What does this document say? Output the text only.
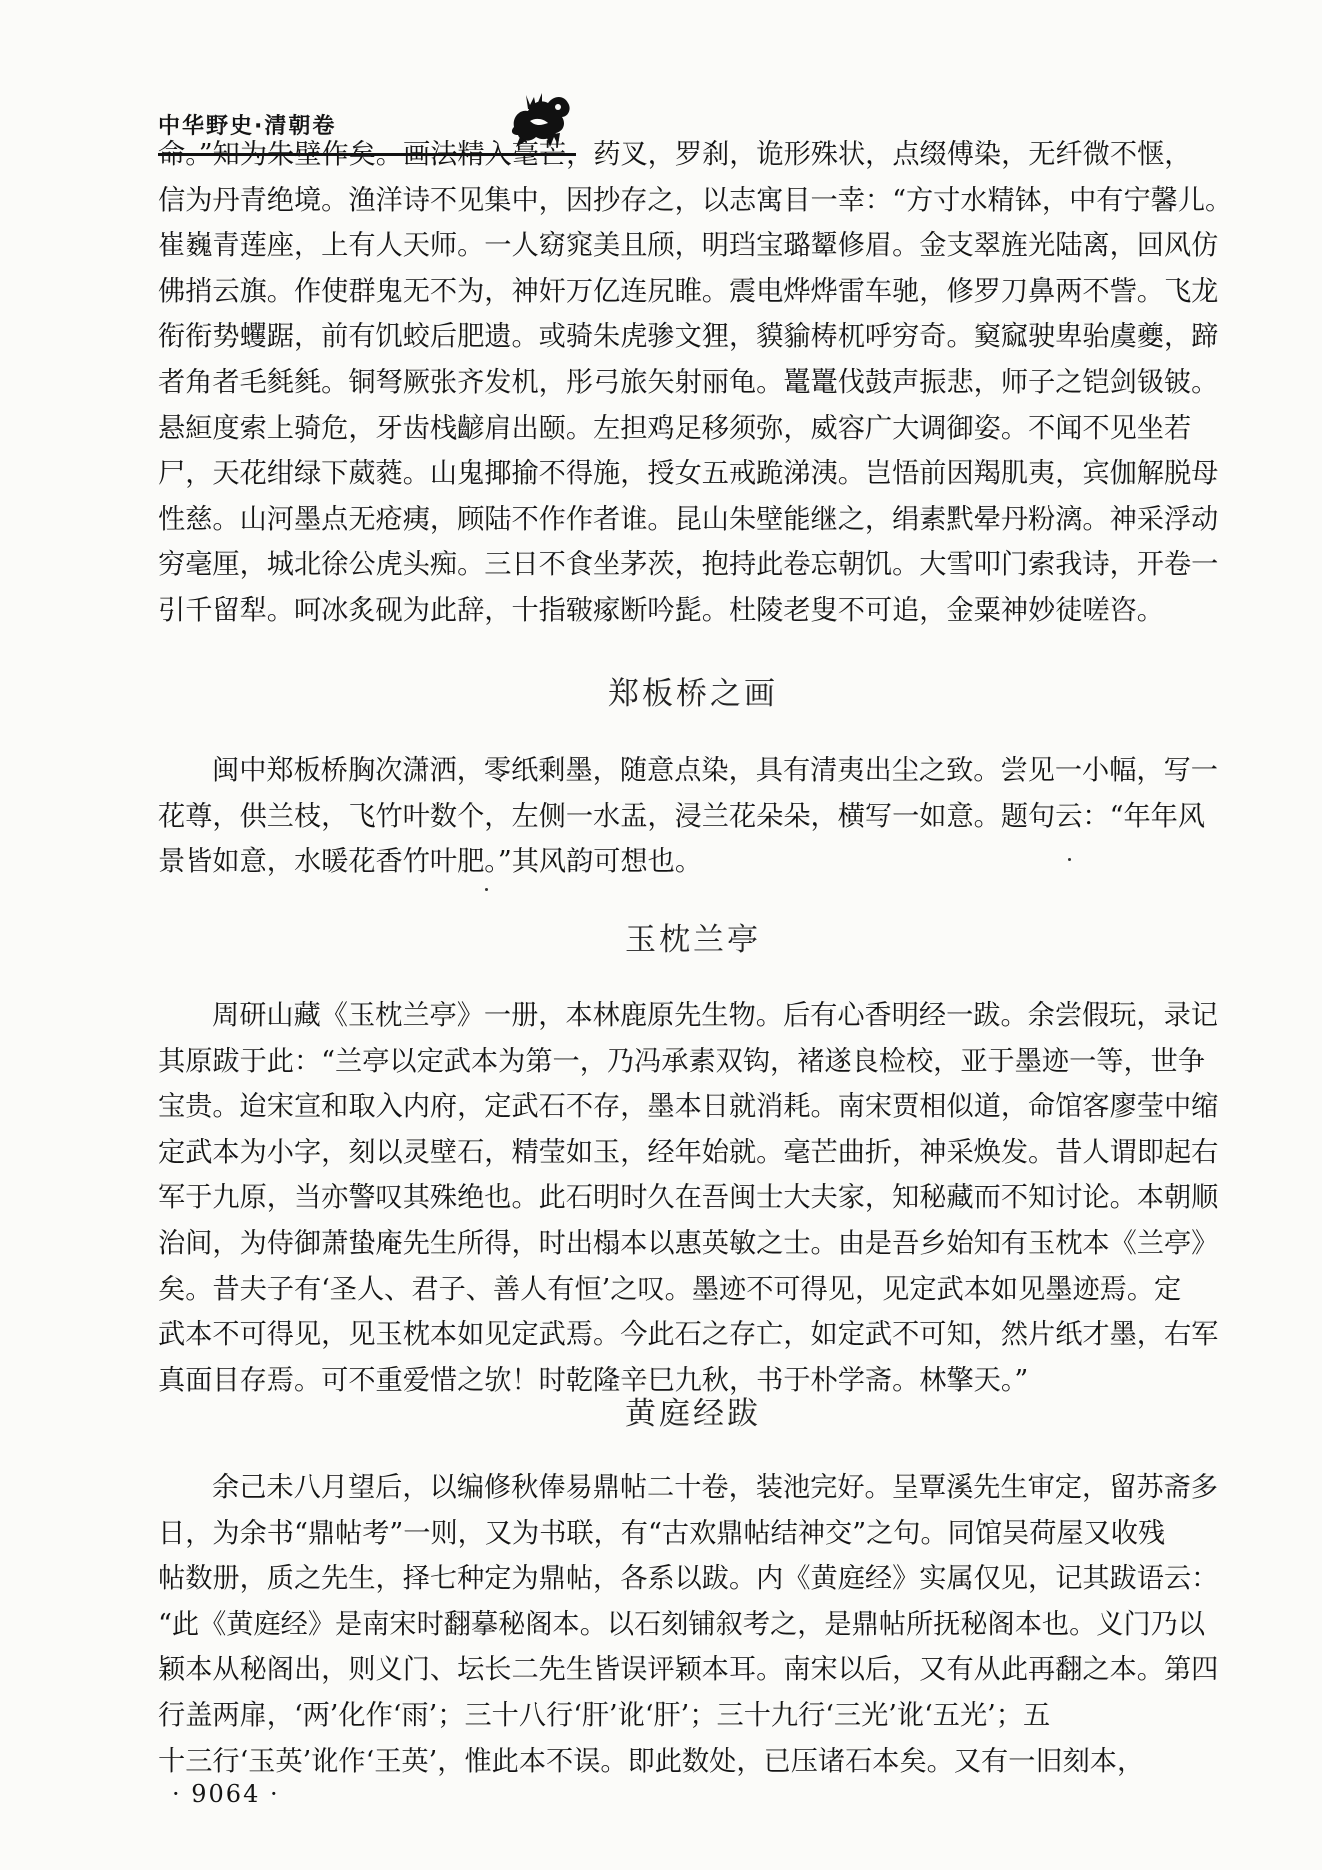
中华野史·清朝卷
命。”知为朱壁作矣。画法精入毫芒，药叉，罗刹，诡形殊状，点缀傅染，无纤微不惬，
信为丹青绝境。渔洋诗不见集中，因抄存之，以志寓目一幸：“方寸水精钵，中有宁馨儿。
崔巍青莲座，上有人天师。一人窈窕美且颀，明珰宝璐颦修眉。金支翠旌光陆离，回风仿
佛捎云旗。作使群鬼无不为，神奸万亿连尻睢。震电烨烨雷车驰，修罗刀鼻两不訾。飞龙
衔衔势蠼踞，前有饥蛟后肥遗。或骑朱虎骖文狸，貘貐梼杌呼穷奇。窫窳驶卑骀虞夔，蹄
者角者毛毵毵。铜弩厥张齐发机，彤弓旅矢射丽龟。鼍鼍伐鼓声振悲，师子之铠剑钑铍。
悬絙度索上骑危，牙齿栈齴肩出颐。左担鸡足移须弥，威容广大调御姿。不闻不见坐若
尸，天花绀绿下葳蕤。山鬼揶揄不得施，授女五戒跪涕洟。岂悟前因羯肌夷，宾伽解脱母
性慈。山河墨点无疮痍，顾陆不作作者谁。昆山朱壁能继之，绢素黓晕丹粉漓。神采浮动
穷毫厘，城北徐公虎头痴。三日不食坐茅茨，抱持此卷忘朝饥。大雪叩门索我诗，开卷一
引千留犁。呵冰炙砚为此辞，十指皲瘃断吟髭。杜陵老叟不可追，金粟神妙徒嗟咨。
郑板桥之画
闽中郑板桥胸次潇洒，零纸剩墨，随意点染，具有清夷出尘之致。尝见一小幅，写一
花尊，供兰枝，飞竹叶数个，左侧一水盂，浸兰花朵朵，横写一如意。题句云：“年年风
景皆如意，水暖花香竹叶肥。”其风韵可想也。
玉枕兰亭
周研山藏《玉枕兰亭》一册，本林鹿原先生物。后有心香明经一跋。余尝假玩，录记
其原跋于此：“兰亭以定武本为第一，乃冯承素双钩，褚遂良检校，亚于墨迹一等，世争
宝贵。迨宋宣和取入内府，定武石不存，墨本日就消耗。南宋贾相似道，命馆客廖莹中缩
定武本为小字，刻以灵壁石，精莹如玉，经年始就。毫芒曲折，神采焕发。昔人谓即起右
军于九原，当亦警叹其殊绝也。此石明时久在吾闽士大夫家，知秘藏而不知讨论。本朝顺
治间，为侍御萧蛰庵先生所得，时出榻本以惠英敏之士。由是吾乡始知有玉枕本《兰亭》
矣。昔夫子有‘圣人、君子、善人有恒’之叹。墨迹不可得见，见定武本如见墨迹焉。定
武本不可得见，见玉枕本如见定武焉。今此石之存亡，如定武不可知，然片纸才墨，右军
真面目存焉。可不重爱惜之欤！时乾隆辛巳九秋，书于朴学斋。林擎天。”
黄庭经跋
余己未八月望后，以编修秋俸易鼎帖二十卷，装池完好。呈覃溪先生审定，留苏斋多
日，为余书“鼎帖考”一则，又为书联，有“古欢鼎帖结神交”之句。同馆吴荷屋又收残
帖数册，质之先生，择七种定为鼎帖，各系以跋。内《黄庭经》实属仅见，记其跋语云：
“此《黄庭经》是南宋时翻摹秘阁本。以石刻铺叙考之，是鼎帖所抚秘阁本也。义门乃以
颖本从秘阁出，则义门、坛长二先生皆误评颖本耳。南宋以后，又有从此再翻之本。第四
行盖两扉，‘两’化作‘雨’；三十八行‘肝’讹‘肝’；三十九行‘三光’讹‘五光’；五
十三行‘玉英’讹作‘王英’，惟此本不误。即此数处，已压诸石本矣。又有一旧刻本，
· 9064 ·
